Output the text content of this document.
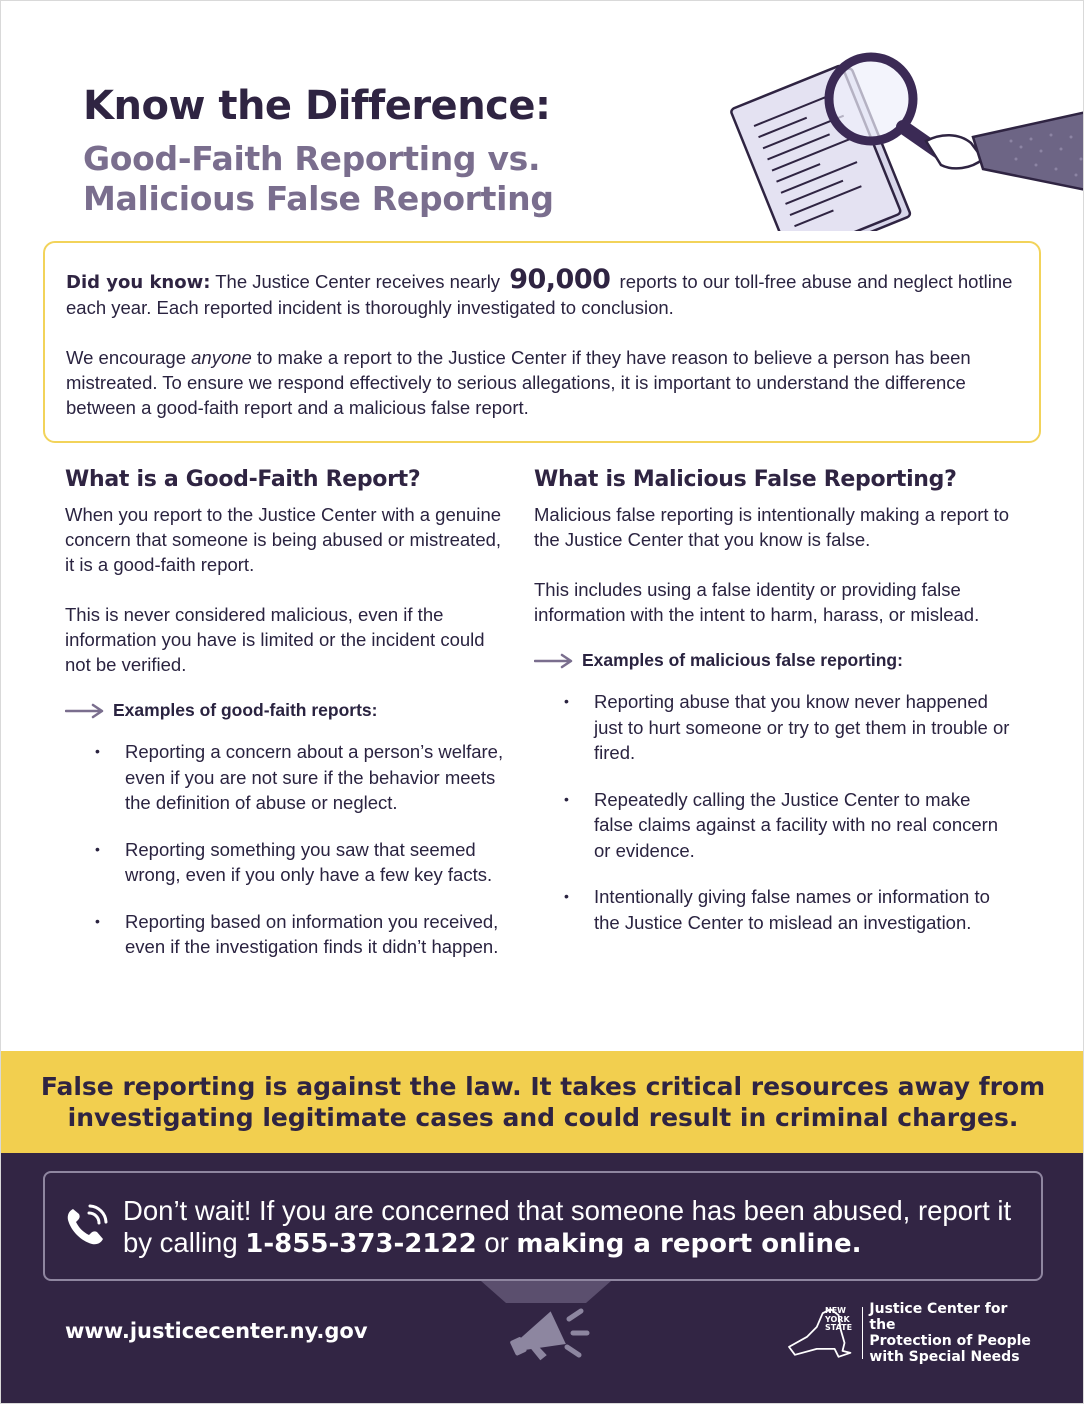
Know the Difference:
Good-Faith Reporting vs.
Malicious False Reporting

Did you know: The Justice Center receives nearly 90,000 reports to our toll-free abuse and neglect hotline each year. Each reported incident is thoroughly investigated to conclusion.

We encourage anyone to make a report to the Justice Center if they have reason to believe a person has been mistreated. To ensure we respond effectively to serious allegations, it is important to understand the difference between a good-faith report and a malicious false report.

What is a Good-Faith Report?

When you report to the Justice Center with a genuine concern that someone is being abused or mistreated, it is a good-faith report.

This is never considered malicious, even if the information you have is limited or the incident could not be verified.

Examples of good-faith reports:
• Reporting a concern about a person’s welfare, even if you are not sure if the behavior meets the definition of abuse or neglect.
• Reporting something you saw that seemed wrong, even if you only have a few key facts.
• Reporting based on information you received, even if the investigation finds it didn’t happen.
What is Malicious False Reporting?

Malicious false reporting is intentionally making a report to the Justice Center that you know is false.

This includes using a false identity or providing false information with the intent to harm, harass, or mislead.

Examples of malicious false reporting:
• Reporting abuse that you know never happened just to hurt someone or try to get them in trouble or fired.
• Repeatedly calling the Justice Center to make false claims against a facility with no real concern or evidence.
• Intentionally giving false names or information to the Justice Center to mislead an investigation.
False reporting is against the law. It takes critical resources away from investigating legitimate cases and could result in criminal charges.
Don’t wait! If you are concerned that someone has been abused, report it by calling 1-855-373-2122 or making a report online.
www.justicecenter.ny.gov
NEW
YORK
STATE
Justice Center for the
Protection of People
with Special Needs
